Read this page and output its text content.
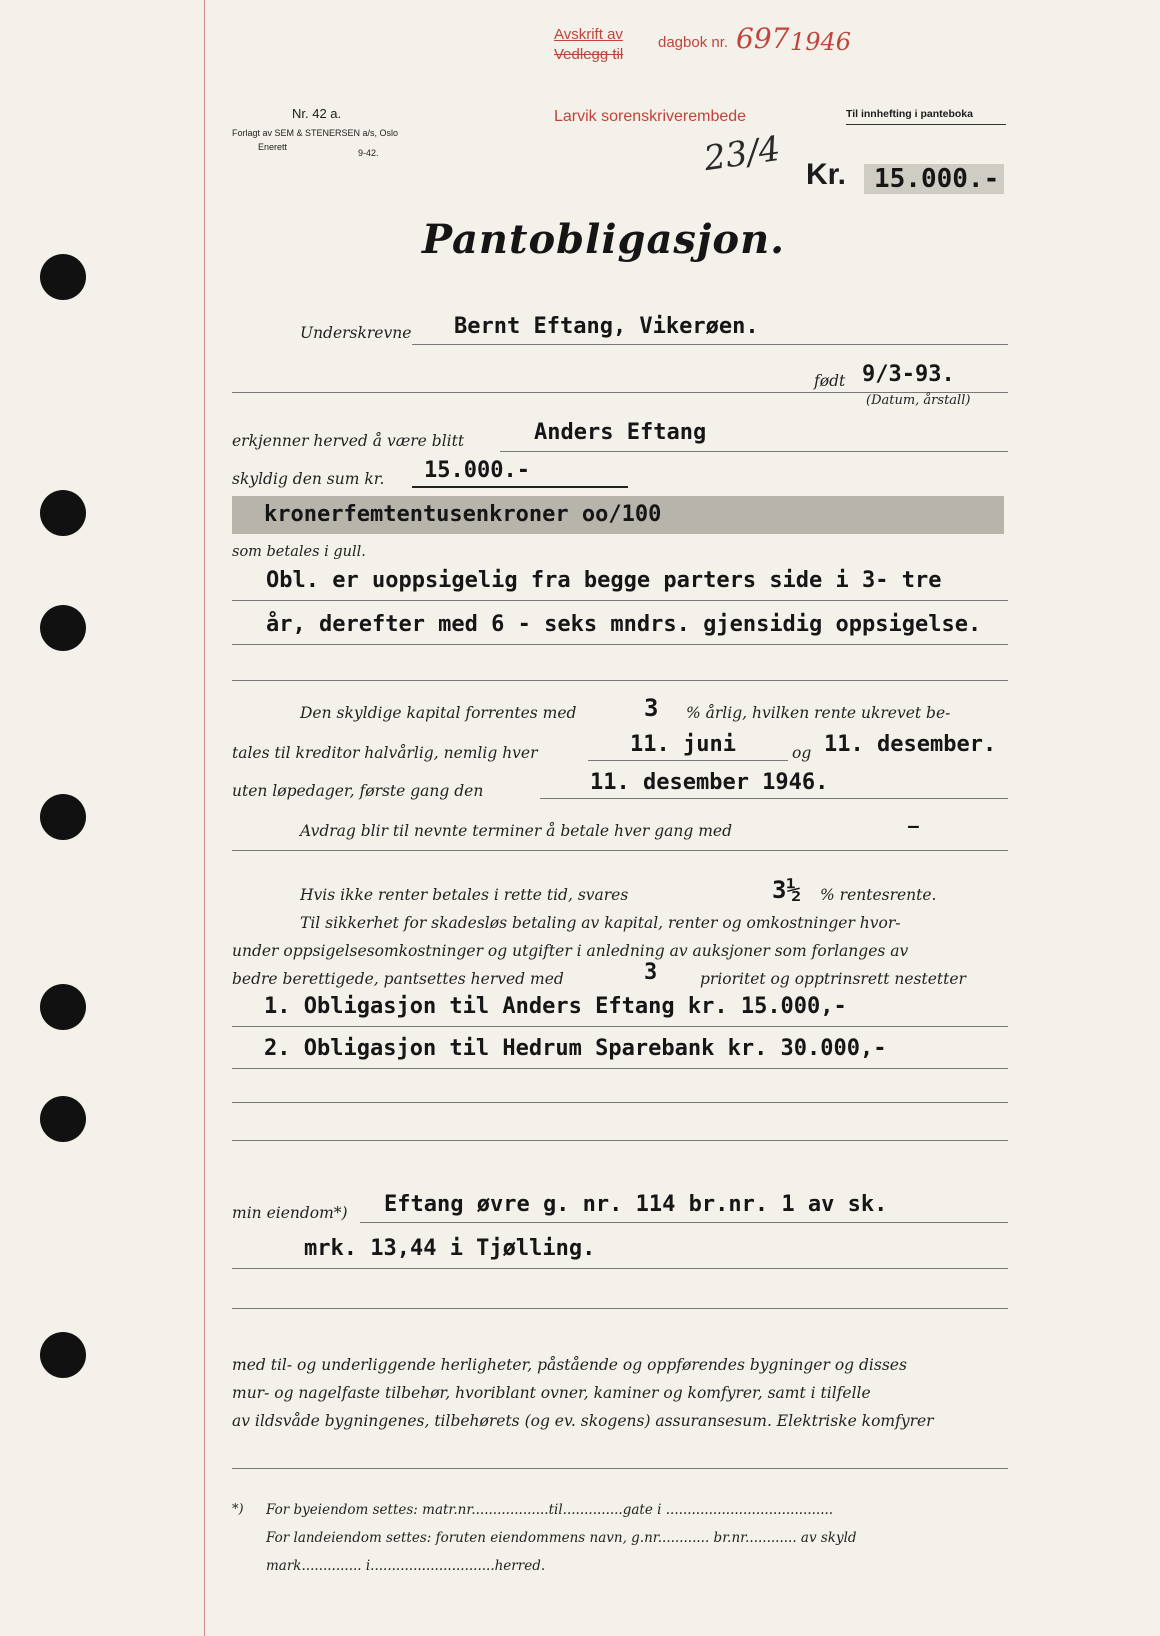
Nr. 42 a.
Forlagt av SEM & STENERSEN a/s, Oslo
Enerett
9-42.
Avskrift av
Vedlegg til
dagbok nr. 697 1946
Larvik sorenskriverembede	Til innhefting i panteboka
23/4 Kr. 15.000.-
Pantobligasjon.
Underskrevne Bernt Eftang, Vikerøen.
født 9/3-93.
(Datum, årstall)
erkjenner herved å være blitt	Anders Eftang
skyldig den sum kr. 15.000.-
kronerfemtentusenkroner oo/100
som betales i gull.
Obl. er uoppsigelig fra begge parters side i 3- tre
år, derefter med 6 - seks mndrs. gjensidig oppsigelse.
Den skyldige kapital forrentes med	3 % årlig, hvilken rente ukrevet be-
tales til kreditor halvårlig, nemlig hver	11. juni	og 11. desember.
uten løpedager, første gang den	11. desember 1946.
Avdrag blir til nevnte terminer å betale hver gang med	—
Hvis ikke renter betales i rette tid, svares	3½ % rentesrente.
Til sikkerhet for skadesløs betaling av kapital, renter og omkostninger hvor-
under oppsigelsesomkostninger og utgifter i anledning av auksjoner som forlanges av
bedre berettigede, pantsettes herved med	3	prioritet og opptrinsrett nestetter
1. Obligasjon til Anders Eftang kr. 15.000,-
2. Obligasjon til Hedrum Sparebank kr. 30.000,-
min eiendom*) Eftang øvre g. nr. 114 br.nr. 1 av sk.
mrk. 13,44 i Tjølling.
med til- og underliggende herligheter, påstående og oppførendes bygninger og disses
mur- og nagelfaste tilbehør, hvoriblant ovner, kaminer og komfyrer, samt i tilfelle
av ildsvåde bygningenes, tilbehørets (og ev. skogens) assuransesum. Elektriske komfyrer
*) For byeiendom settes: matr.nr..................til..............gate i .......................................
For landeiendom settes: foruten eiendommens navn, g.nr............ br.nr............ av skyld
mark.............. i.............................herred.
